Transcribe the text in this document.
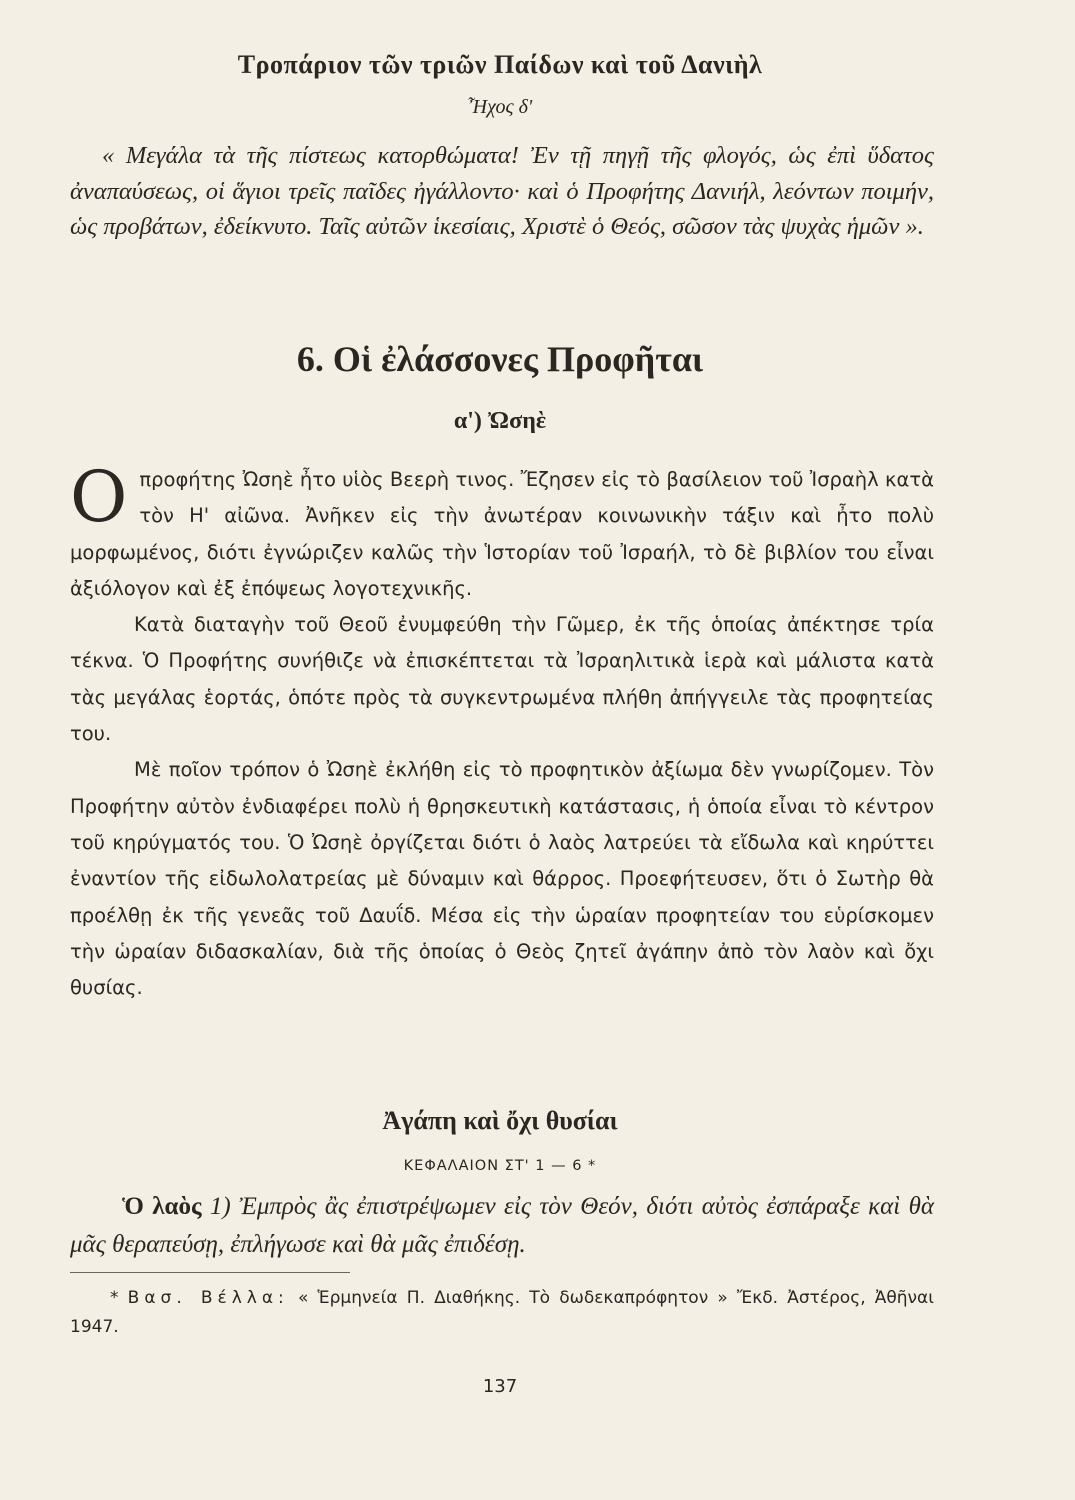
Τροπάριον τῶν τριῶν Παίδων καὶ τοῦ Δανιὴλ
Ἦχος δ'

« Μεγάλα τὰ τῆς πίστεως κατορθώματα! Ἐν τῇ πηγῇ τῆς φλογός, ὡς ἐπὶ ὕδατος ἀναπαύσεως, οἱ ἅγιοι τρεῖς παῖδες ἠγάλλοντο· καὶ ὁ Προφήτης Δανιήλ, λεόντων ποιμήν, ὡς προβάτων, ἐδείκνυτο. Ταῖς αὐτῶν ἱκεσίαις, Χριστὲ ὁ Θεός, σῶσον τὰς ψυχὰς ἡμῶν ».

6. Οἱ ἐλάσσονες Προφῆται
α') Ὠσηὲ

Ο προφήτης Ὠσηὲ ἦτο υἱὸς Βεερὴ τινος. Ἔζησεν εἰς τὸ βασίλειον τοῦ Ἰσραὴλ κατὰ τὸν Η' αἰῶνα. Ἀνῆκεν εἰς τὴν ἀνωτέραν κοινωνικὴν τάξιν καὶ ἦτο πολὺ μορφωμένος, διότι ἐγνώριζεν καλῶς τὴν Ἱστορίαν τοῦ Ἰσραήλ, τὸ δὲ βιβλίον του εἶναι ἀξιόλογον καὶ ἐξ ἐπόψεως λογοτεχνικῆς.

Κατὰ διαταγὴν τοῦ Θεοῦ ἐνυμφεύθη τὴν Γῶμερ, ἐκ τῆς ὁποίας ἀπέκτησε τρία τέκνα. Ὁ Προφήτης συνήθιζε νὰ ἐπισκέπτεται τὰ Ἰσραηλιτικὰ ἱερὰ καὶ μάλιστα κατὰ τὰς μεγάλας ἑορτάς, ὁπότε πρὸς τὰ συγκεντρωμένα πλήθη ἀπήγγειλε τὰς προφητείας του.

Μὲ ποῖον τρόπον ὁ Ὠσηὲ ἐκλήθη εἰς τὸ προφητικὸν ἀξίωμα δὲν γνωρίζομεν. Τὸν Προφήτην αὐτὸν ἐνδιαφέρει πολὺ ἡ θρησκευτικὴ κατάστασις, ἡ ὁποία εἶναι τὸ κέντρον τοῦ κηρύγματός του. Ὁ Ὠσηὲ ὀργίζεται διότι ὁ λαὸς λατρεύει τὰ εἴδωλα καὶ κηρύττει ἐναντίον τῆς εἰδωλολατρείας μὲ δύναμιν καὶ θάρρος. Προεφήτευσεν, ὅτι ὁ Σωτὴρ θὰ προέλθῃ ἐκ τῆς γενεᾶς τοῦ Δαυΐδ. Μέσα εἰς τὴν ὡραίαν προφητείαν του εὑρίσκομεν τὴν ὡραίαν διδασκαλίαν, διὰ τῆς ὁποίας ὁ Θεὸς ζητεῖ ἀγάπην ἀπὸ τὸν λαὸν καὶ ὄχι θυσίας.

Ἀγάπη καὶ ὄχι θυσίαι
ΚΕΦΑΛΑΙΟΝ ΣΤ' 1 — 6 *

Ὁ λαὸς 1) Ἐμπρὸς ἂς ἐπιστρέψωμεν εἰς τὸν Θεόν, διότι αὐτὸς ἐσπάραξε καὶ θὰ μᾶς θεραπεύσῃ, ἐπλήγωσε καὶ θὰ μᾶς ἐπιδέσῃ.

* Βασ. Βέλλα: « Ἑρμηνεία Π. Διαθήκης. Τὸ δωδεκαπρόφητον » Ἔκδ. Ἀστέρος, Ἀθῆναι 1947.

137
